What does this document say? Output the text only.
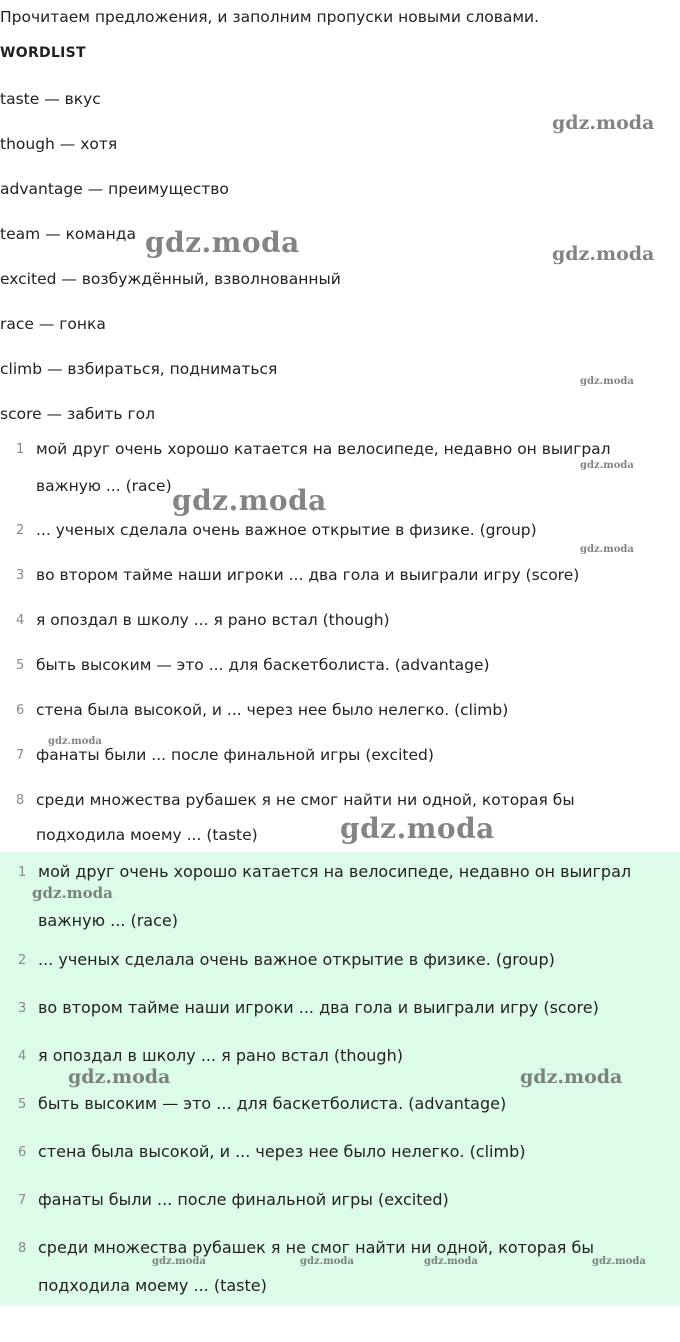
Прочитаем предложения, и заполним пропуски новыми словами.
WORDLIST
taste — вкус
though — хотя
advantage — преимущество
team — команда
excited — возбуждённый, взволнованный
race — гонка
climb — взбираться, подниматься
score — забить гол
1 мой друг очень хорошо катается на велосипеде, недавно он выиграл
важную ... (race)
2 ... ученых сделала очень важное открытие в физике. (group)
3 во втором тайме наши игроки ... два гола и выиграли игру (score)
4 я опоздал в школу ... я рано встал (though)
5 быть высоким — это ... для баскетболиста. (advantage)
6 стена была высокой, и ... через нее было нелегко. (climb)
7 фанаты были ... после финальной игры (excited)
8 среди множества рубашек я не смог найти ни одной, которая бы
подходила моему ... (taste)
1 мой друг очень хорошо катается на велосипеде, недавно он выиграл
важную ... (race)
2 ... ученых сделала очень важное открытие в физике. (group)
3 во втором тайме наши игроки ... два гола и выиграли игру (score)
4 я опоздал в школу ... я рано встал (though)
5 быть высоким — это ... для баскетболиста. (advantage)
6 стена была высокой, и ... через нее было нелегко. (climb)
7 фанаты были ... после финальной игры (excited)
8 среди множества рубашек я не смог найти ни одной, которая бы
подходила моему ... (taste)
gdz.moda
gdz.moda	gdz.moda
gdz.moda
gdz.moda
gdz.moda
gdz.moda
gdz.moda
gdz.moda
gdz.moda
gdz.moda	gdz.moda
gdz.moda	gdz.moda	gdz.moda	gdz.moda
